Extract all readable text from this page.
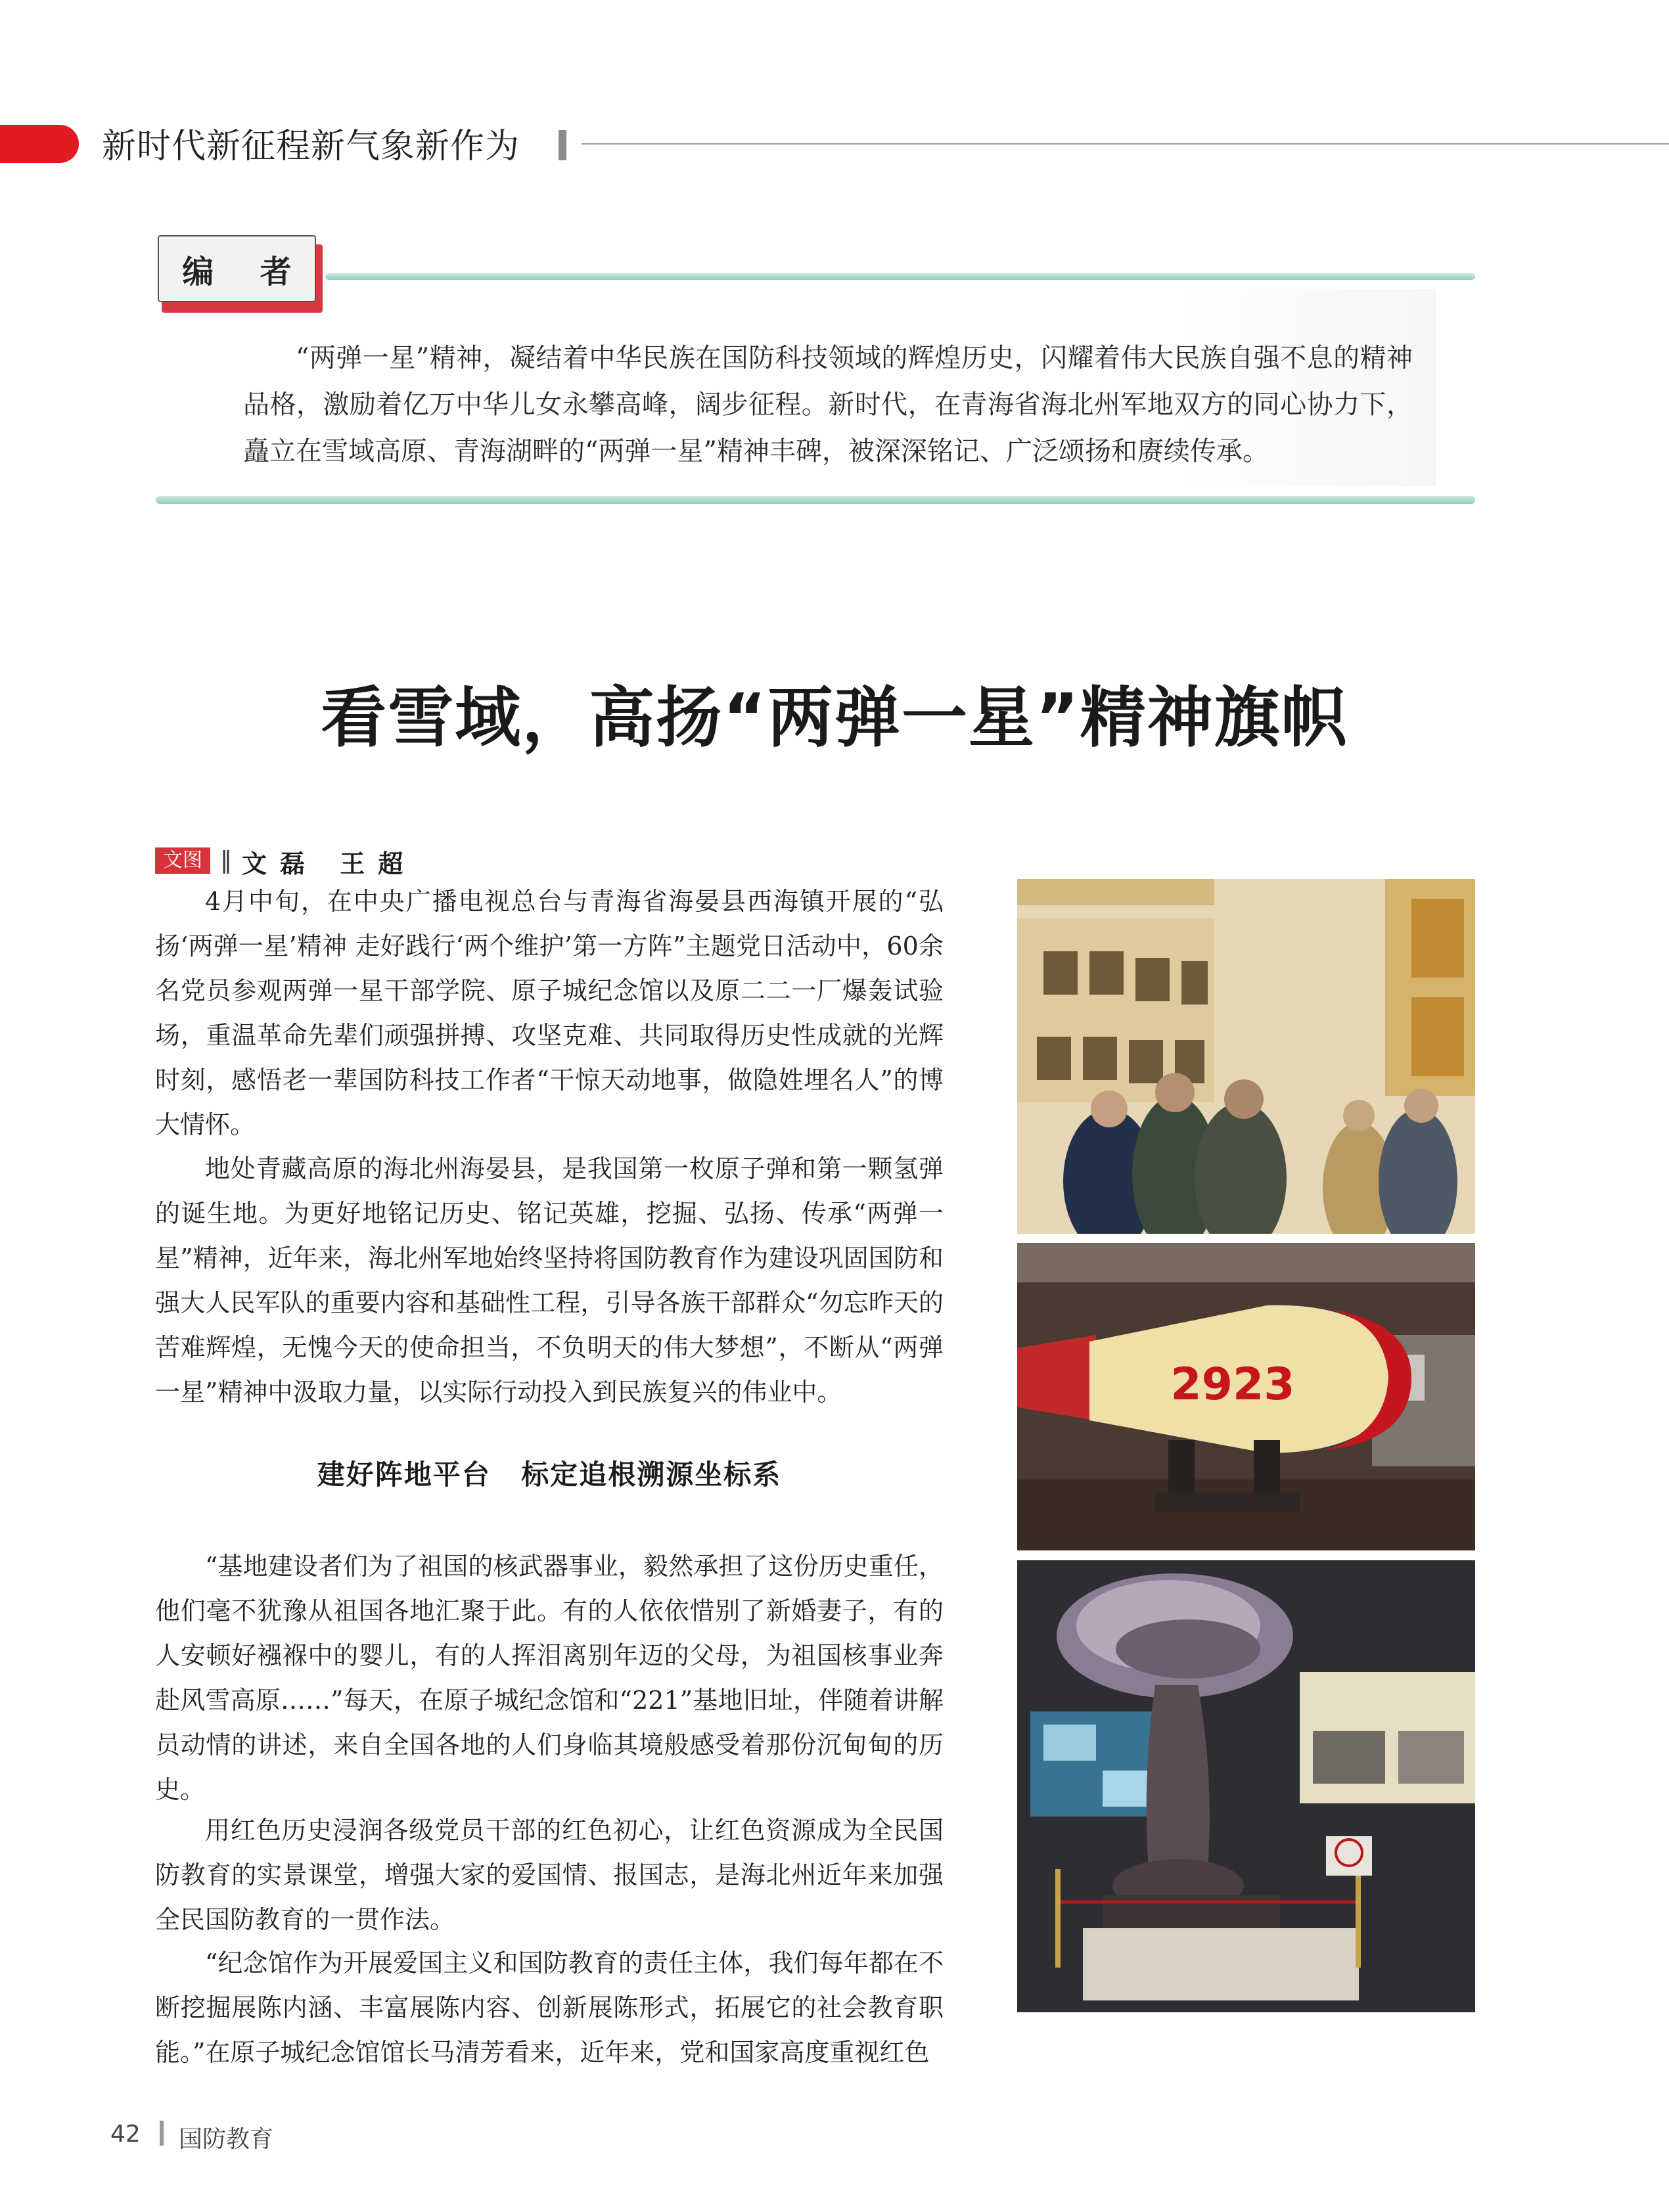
新时代新征程新气象新作为
编 者
“两弹一星”精神，凝结着中华民族在国防科技领域的辉煌历史，闪耀着伟大民族自强不息的精神品格，激励着亿万中华儿女永攀高峰，阔步征程。新时代，在青海省海北州军地双方的同心协力下，矗立在雪域高原、青海湖畔的“两弹一星”精神丰碑，被深深铭记、广泛颂扬和赓续传承。
看雪域，高扬“两弹一星”精神旗帜
文图 ‖ 文磊 王超
4月中旬，在中央广播电视总台与青海省海晏县西海镇开展的“弘扬‘两弹一星’精神 走好践行‘两个维护’第一方阵”主题党日活动中，60余名党员参观两弹一星干部学院、原子城纪念馆以及原二二一厂爆轰试验场，重温革命先辈们顽强拼搏、攻坚克难、共同取得历史性成就的光辉时刻，感悟老一辈国防科技工作者“干惊天动地事，做隐姓埋名人”的博大情怀。
地处青藏高原的海北州海晏县，是我国第一枚原子弹和第一颗氢弹的诞生地。为更好地铭记历史、铭记英雄，挖掘、弘扬、传承“两弹一星”精神，近年来，海北州军地始终坚持将国防教育作为建设巩固国防和强大人民军队的重要内容和基础性工程，引导各族干部群众“勿忘昨天的苦难辉煌，无愧今天的使命担当，不负明天的伟大梦想”，不断从“两弹一星”精神中汲取力量，以实际行动投入到民族复兴的伟业中。
建好阵地平台 标定追根溯源坐标系
“基地建设者们为了祖国的核武器事业，毅然承担了这份历史重任，他们毫不犹豫从祖国各地汇聚于此。有的人依依惜别了新婚妻子，有的人安顿好襁褓中的婴儿，有的人挥泪离别年迈的父母，为祖国核事业奔赴风雪高原……”每天，在原子城纪念馆和“221”基地旧址，伴随着讲解员动情的讲述，来自全国各地的人们身临其境般感受着那份沉甸甸的历史。
用红色历史浸润各级党员干部的红色初心，让红色资源成为全民国防教育的实景课堂，增强大家的爱国情、报国志，是海北州近年来加强全民国防教育的一贯作法。
“纪念馆作为开展爱国主义和国防教育的责任主体，我们每年都在不断挖掘展陈内涵、丰富展陈内容、创新展陈形式，拓展它的社会教育职能。”在原子城纪念馆馆长马清芳看来，近年来，党和国家高度重视红色
2923
42 国防教育
